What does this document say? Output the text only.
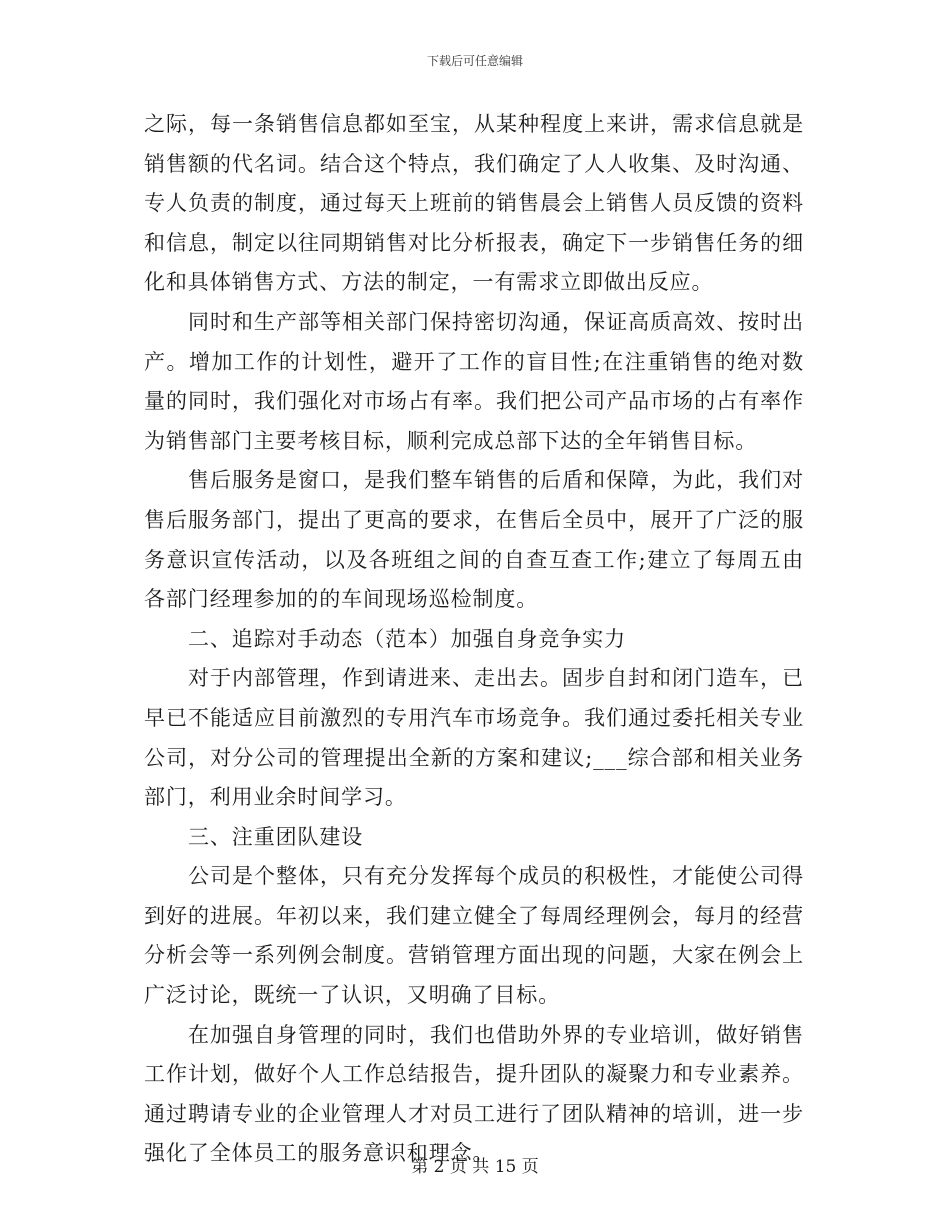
下载后可任意编辑

之际，每一条销售信息都如至宝，从某种程度上来讲，需求信息就是销售额的代名词。结合这个特点，我们确定了人人收集、及时沟通、专人负责的制度，通过每天上班前的销售晨会上销售人员反馈的资料和信息，制定以往同期销售对比分析报表，确定下一步销售任务的细化和具体销售方式、方法的制定，一有需求立即做出反应。

同时和生产部等相关部门保持密切沟通，保证高质高效、按时出产。增加工作的计划性，避开了工作的盲目性;在注重销售的绝对数量的同时，我们强化对市场占有率。我们把公司产品市场的占有率作为销售部门主要考核目标，顺利完成总部下达的全年销售目标。

售后服务是窗口，是我们整车销售的后盾和保障，为此，我们对售后服务部门，提出了更高的要求，在售后全员中，展开了广泛的服务意识宣传活动，以及各班组之间的自查互查工作;建立了每周五由各部门经理参加的的车间现场巡检制度。

二、追踪对手动态（范本）加强自身竞争实力

对于内部管理，作到请进来、走出去。固步自封和闭门造车，已早已不能适应目前激烈的专用汽车市场竞争。我们通过委托相关专业公司，对分公司的管理提出全新的方案和建议;___综合部和相关业务部门，利用业余时间学习。

三、注重团队建设

公司是个整体，只有充分发挥每个成员的积极性，才能使公司得到好的进展。年初以来，我们建立健全了每周经理例会，每月的经营分析会等一系列例会制度。营销管理方面出现的问题，大家在例会上广泛讨论，既统一了认识，又明确了目标。

在加强自身管理的同时，我们也借助外界的专业培训，做好销售工作计划，做好个人工作总结报告，提升团队的凝聚力和专业素养。通过聘请专业的企业管理人才对员工进行了团队精神的培训，进一步强化了全体员工的服务意识和理念。

第 2 页 共 15 页
